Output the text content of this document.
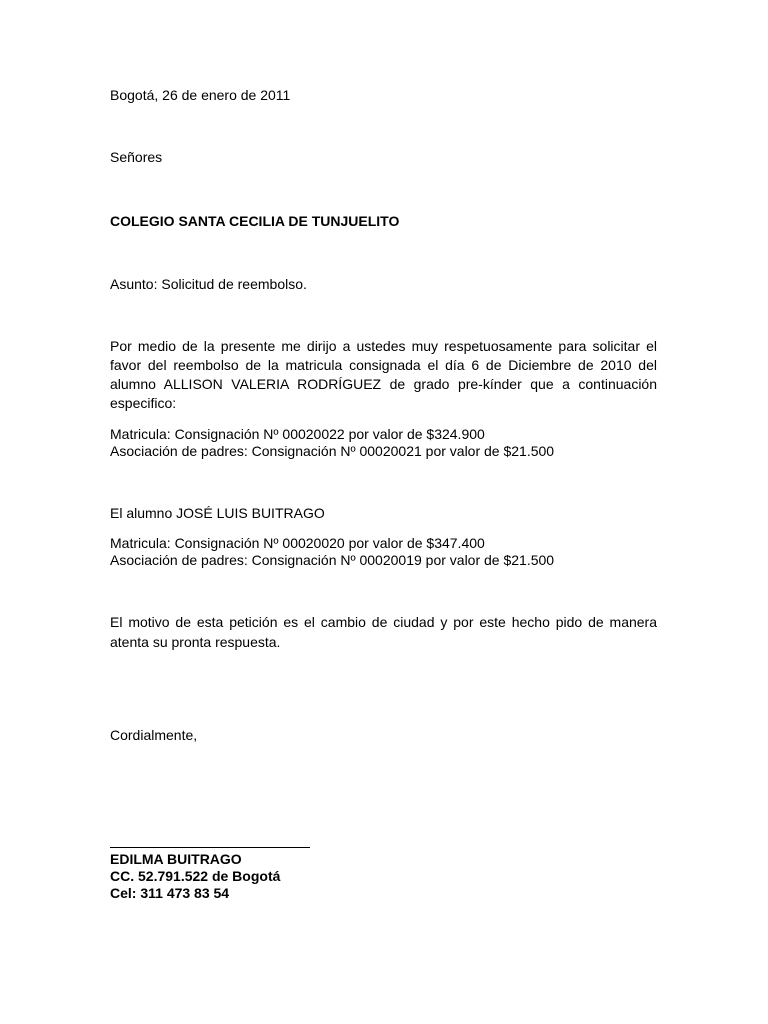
Bogotá, 26 de enero de 2011
Señores
COLEGIO SANTA CECILIA DE TUNJUELITO
Asunto: Solicitud de reembolso.
Por medio de la presente me dirijo a ustedes muy respetuosamente para solicitar el favor del reembolso de la matricula consignada el día 6 de Diciembre de 2010 del alumno ALLISON VALERIA RODRÍGUEZ de grado pre-kínder que a continuación especifico:
Matricula: Consignación Nº 00020022 por valor de $324.900
Asociación de padres: Consignación Nº 00020021 por valor de $21.500
El alumno JOSÉ LUIS BUITRAGO
Matricula: Consignación Nº 00020020 por valor de $347.400
Asociación de padres: Consignación Nº 00020019 por valor de $21.500
El motivo de esta petición es el cambio de ciudad y por este hecho pido de manera atenta su pronta respuesta.
Cordialmente,
EDILMA BUITRAGO
CC. 52.791.522 de Bogotá
Cel: 311 473 83 54
